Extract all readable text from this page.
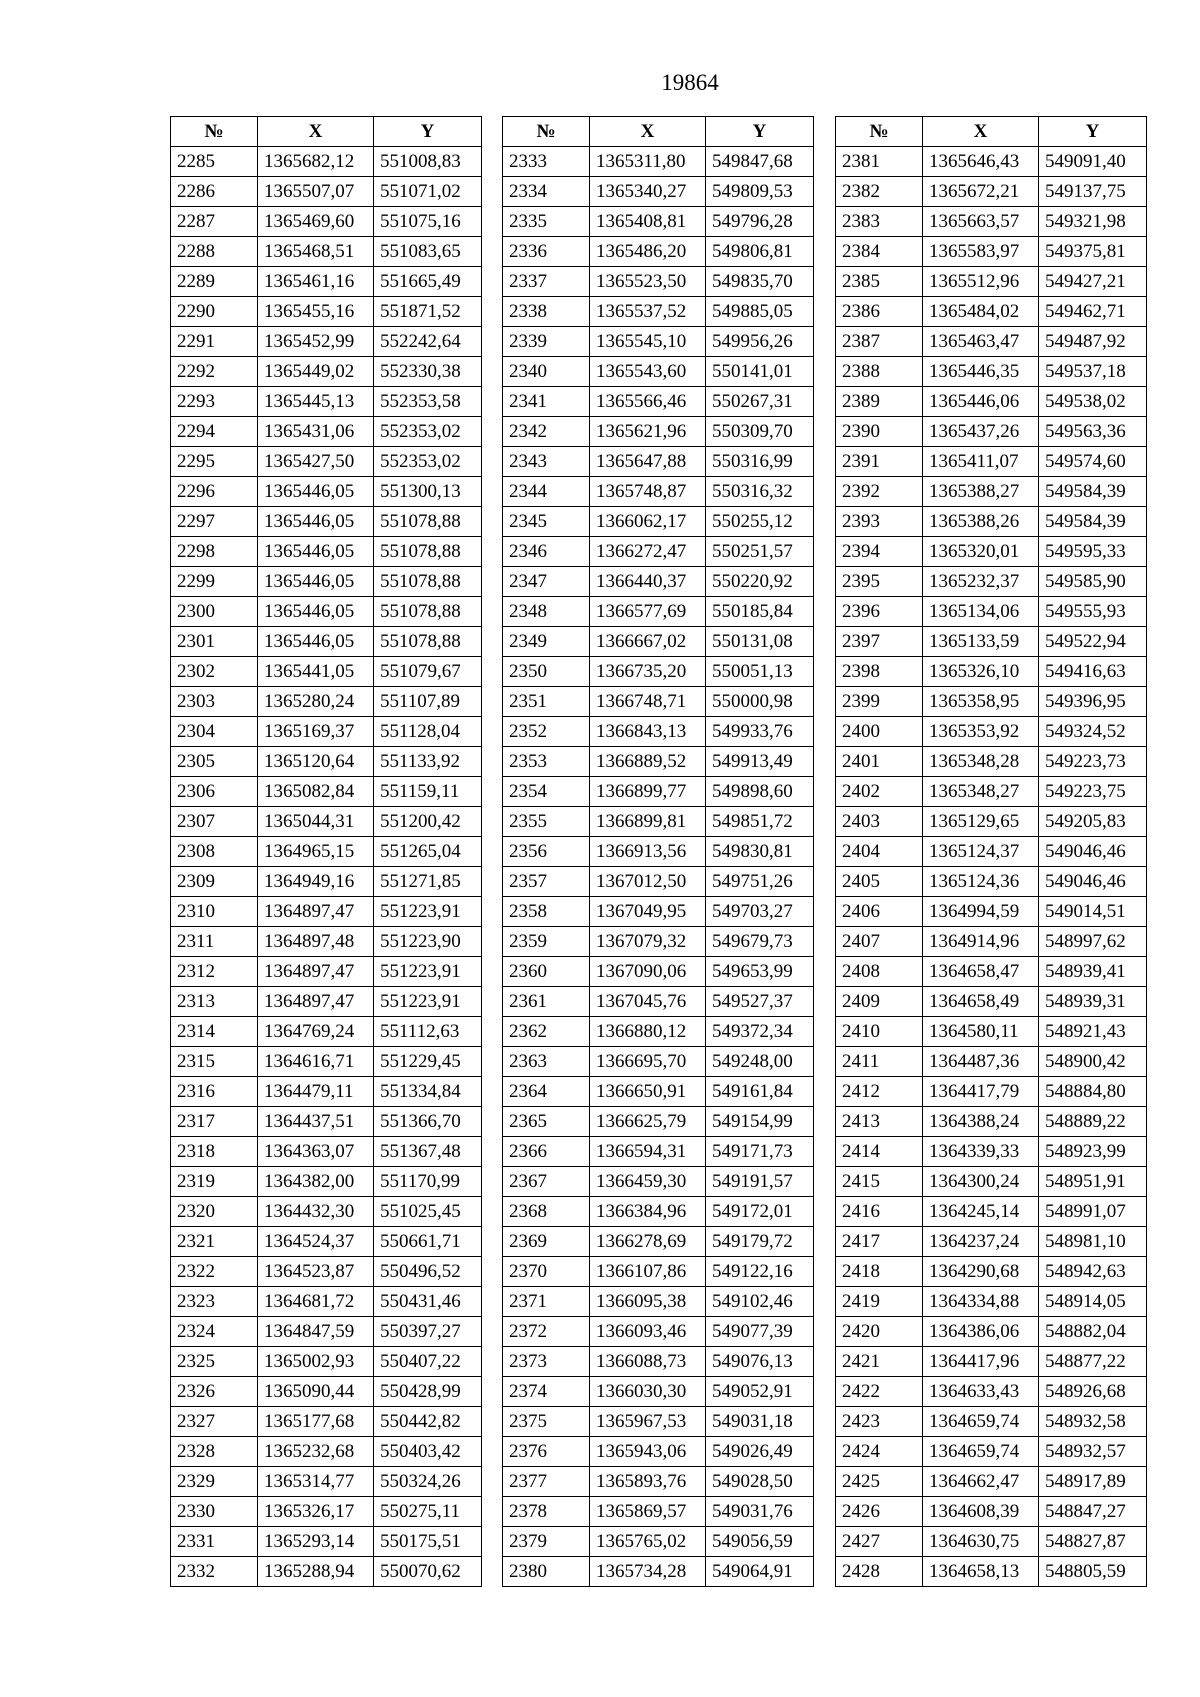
19864
№	X	Y
2285	1365682,12	551008,83
2286	1365507,07	551071,02
2287	1365469,60	551075,16
2288	1365468,51	551083,65
2289	1365461,16	551665,49
2290	1365455,16	551871,52
2291	1365452,99	552242,64
2292	1365449,02	552330,38
2293	1365445,13	552353,58
2294	1365431,06	552353,02
2295	1365427,50	552353,02
2296	1365446,05	551300,13
2297	1365446,05	551078,88
2298	1365446,05	551078,88
2299	1365446,05	551078,88
2300	1365446,05	551078,88
2301	1365446,05	551078,88
2302	1365441,05	551079,67
2303	1365280,24	551107,89
2304	1365169,37	551128,04
2305	1365120,64	551133,92
2306	1365082,84	551159,11
2307	1365044,31	551200,42
2308	1364965,15	551265,04
2309	1364949,16	551271,85
2310	1364897,47	551223,91
2311	1364897,48	551223,90
2312	1364897,47	551223,91
2313	1364897,47	551223,91
2314	1364769,24	551112,63
2315	1364616,71	551229,45
2316	1364479,11	551334,84
2317	1364437,51	551366,70
2318	1364363,07	551367,48
2319	1364382,00	551170,99
2320	1364432,30	551025,45
2321	1364524,37	550661,71
2322	1364523,87	550496,52
2323	1364681,72	550431,46
2324	1364847,59	550397,27
2325	1365002,93	550407,22
2326	1365090,44	550428,99
2327	1365177,68	550442,82
2328	1365232,68	550403,42
2329	1365314,77	550324,26
2330	1365326,17	550275,11
2331	1365293,14	550175,51
2332	1365288,94	550070,62
№	X	Y
2333	1365311,80	549847,68
2334	1365340,27	549809,53
2335	1365408,81	549796,28
2336	1365486,20	549806,81
2337	1365523,50	549835,70
2338	1365537,52	549885,05
2339	1365545,10	549956,26
2340	1365543,60	550141,01
2341	1365566,46	550267,31
2342	1365621,96	550309,70
2343	1365647,88	550316,99
2344	1365748,87	550316,32
2345	1366062,17	550255,12
2346	1366272,47	550251,57
2347	1366440,37	550220,92
2348	1366577,69	550185,84
2349	1366667,02	550131,08
2350	1366735,20	550051,13
2351	1366748,71	550000,98
2352	1366843,13	549933,76
2353	1366889,52	549913,49
2354	1366899,77	549898,60
2355	1366899,81	549851,72
2356	1366913,56	549830,81
2357	1367012,50	549751,26
2358	1367049,95	549703,27
2359	1367079,32	549679,73
2360	1367090,06	549653,99
2361	1367045,76	549527,37
2362	1366880,12	549372,34
2363	1366695,70	549248,00
2364	1366650,91	549161,84
2365	1366625,79	549154,99
2366	1366594,31	549171,73
2367	1366459,30	549191,57
2368	1366384,96	549172,01
2369	1366278,69	549179,72
2370	1366107,86	549122,16
2371	1366095,38	549102,46
2372	1366093,46	549077,39
2373	1366088,73	549076,13
2374	1366030,30	549052,91
2375	1365967,53	549031,18
2376	1365943,06	549026,49
2377	1365893,76	549028,50
2378	1365869,57	549031,76
2379	1365765,02	549056,59
2380	1365734,28	549064,91
№	X	Y
2381	1365646,43	549091,40
2382	1365672,21	549137,75
2383	1365663,57	549321,98
2384	1365583,97	549375,81
2385	1365512,96	549427,21
2386	1365484,02	549462,71
2387	1365463,47	549487,92
2388	1365446,35	549537,18
2389	1365446,06	549538,02
2390	1365437,26	549563,36
2391	1365411,07	549574,60
2392	1365388,27	549584,39
2393	1365388,26	549584,39
2394	1365320,01	549595,33
2395	1365232,37	549585,90
2396	1365134,06	549555,93
2397	1365133,59	549522,94
2398	1365326,10	549416,63
2399	1365358,95	549396,95
2400	1365353,92	549324,52
2401	1365348,28	549223,73
2402	1365348,27	549223,75
2403	1365129,65	549205,83
2404	1365124,37	549046,46
2405	1365124,36	549046,46
2406	1364994,59	549014,51
2407	1364914,96	548997,62
2408	1364658,47	548939,41
2409	1364658,49	548939,31
2410	1364580,11	548921,43
2411	1364487,36	548900,42
2412	1364417,79	548884,80
2413	1364388,24	548889,22
2414	1364339,33	548923,99
2415	1364300,24	548951,91
2416	1364245,14	548991,07
2417	1364237,24	548981,10
2418	1364290,68	548942,63
2419	1364334,88	548914,05
2420	1364386,06	548882,04
2421	1364417,96	548877,22
2422	1364633,43	548926,68
2423	1364659,74	548932,58
2424	1364659,74	548932,57
2425	1364662,47	548917,89
2426	1364608,39	548847,27
2427	1364630,75	548827,87
2428	1364658,13	548805,59
